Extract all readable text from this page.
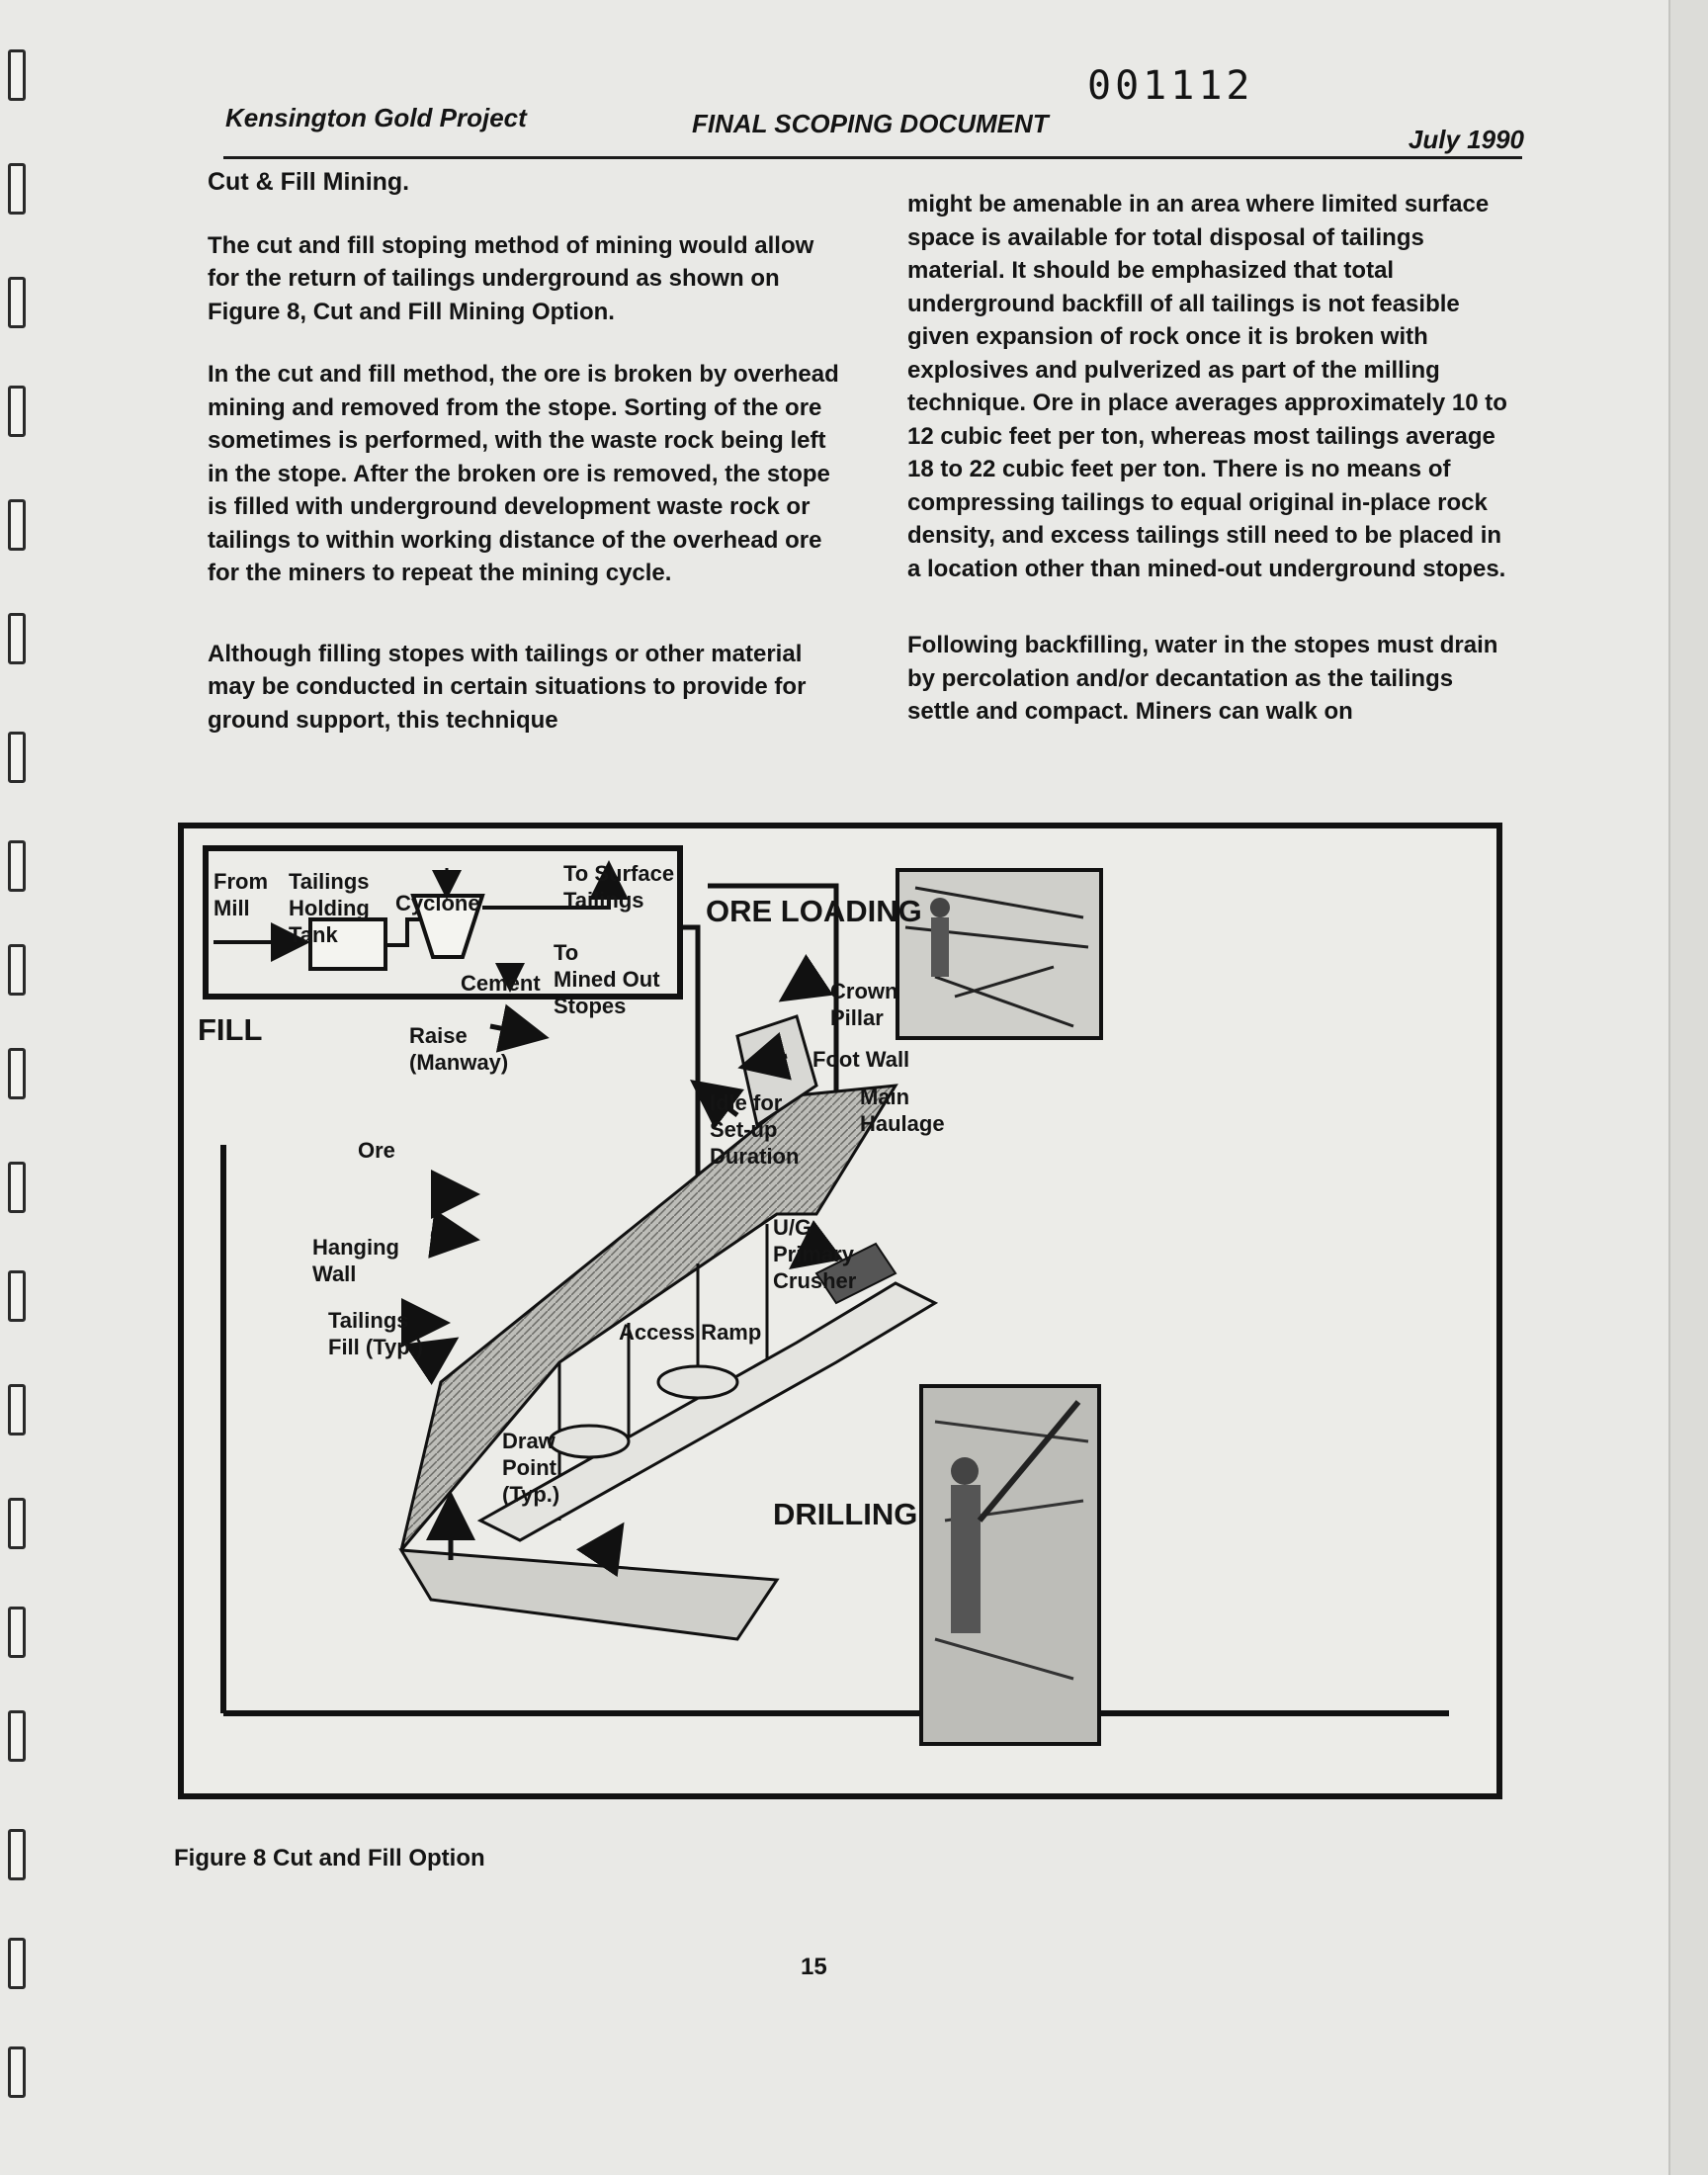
001112
Kensington Gold Project	FINAL SCOPING DOCUMENT
July 1990

Cut & Fill Mining.

The cut and fill stoping method of mining would allow for the return of tailings underground as shown on Figure 8, Cut and Fill Mining Option.

In the cut and fill method, the ore is broken by overhead mining and removed from the stope. Sorting of the ore sometimes is performed, with the waste rock being left in the stope. After the broken ore is removed, the stope is filled with underground development waste rock or tailings to within working distance of the overhead ore for the miners to repeat the mining cycle.

Although filling stopes with tailings or other material may be conducted in certain situations to provide for ground support, this technique

might be amenable in an area where limited surface space is available for total disposal of tailings material. It should be emphasized that total underground backfill of all tailings is not feasible given expansion of rock once it is broken with explosives and pulverized as part of the milling technique. Ore in place averages approximately 10 to 12 cubic feet per ton, whereas most tailings average 18 to 22 cubic feet per ton. There is no means of compressing tailings to equal original in-place rock density, and excess tailings still need to be placed in a location other than mined-out underground stopes.

Following backfilling, water in the stopes must drain by percolation and/or decantation as the tailings settle and compact. Miners can walk on

From
Mill
Tailings
Holding
Tank
Cyclone
To Surface
Tailings
Cement
To
Mined Out
Stopes
ORE LOADING
FILL	Raise
(Manway)
Crown
Pillar
Foot Wall
Idle for
Set-up
Duration
Main
Haulage
Ore
Hanging
Wall
Tailings
Fill (Typ.)
U/G
Primary
Crusher
Access Ramp
Draw
Point
(Typ.)
DRILLING
Figure 8 Cut and Fill Option
15
